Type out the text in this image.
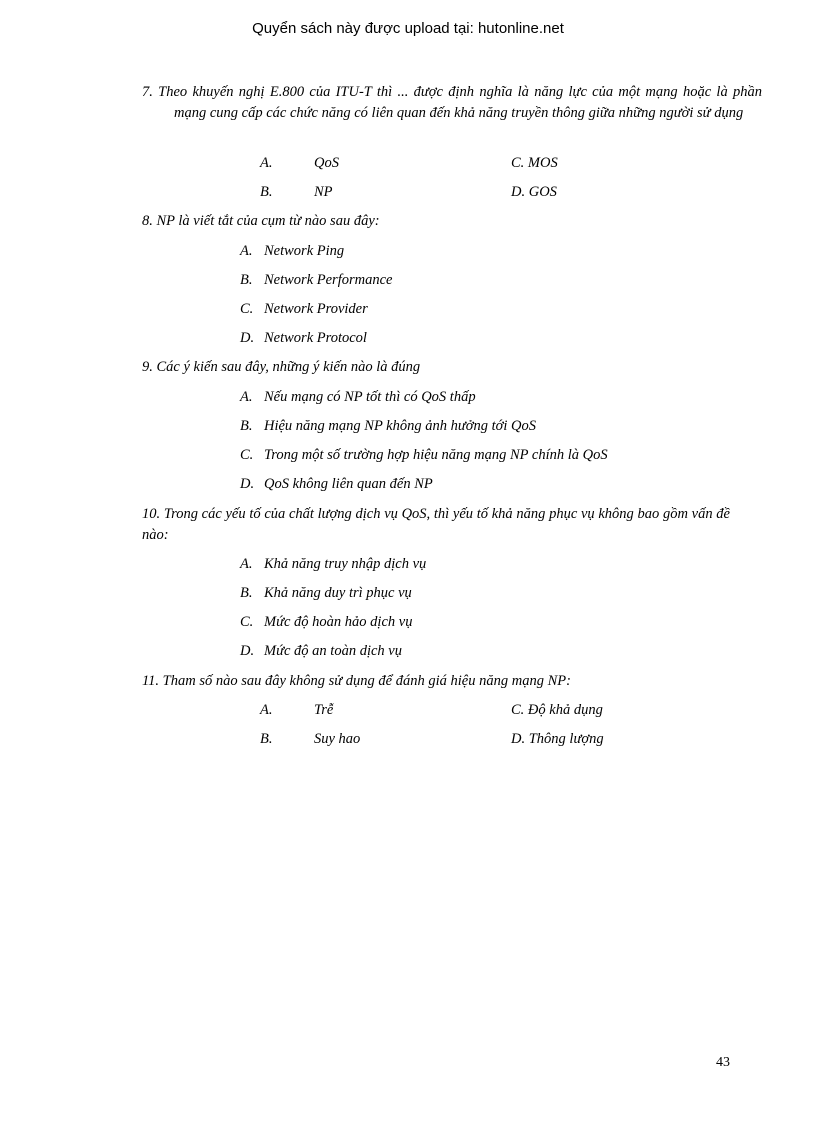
Quyển sách này được upload tại: hutonline.net

7. Theo khuyến nghị E.800 của ITU-T thì ... được định nghĩa là năng lực của một mạng hoặc là phần mạng cung cấp các chức năng có liên quan đến khả năng truyền thông giữa những người sử dụng

A.	QoS	C. MOS
B.	NP	D. GOS

8. NP là viết tắt của cụm từ nào sau đây:

A. Network Ping
B. Network Performance
C. Network Provider
D. Network Protocol

9. Các ý kiến sau đây, những ý kiến nào là đúng

A. Nếu mạng có NP tốt thì có QoS thấp
B. Hiệu năng mạng NP không ảnh hưởng tới QoS
C. Trong một số trường hợp hiệu năng mạng NP chính là QoS
D. QoS không liên quan đến NP

10. Trong các yếu tố của chất lượng dịch vụ QoS, thì yếu tố khả năng phục vụ không bao gồm vấn đề nào:

A. Khả năng truy nhập dịch vụ
B. Khả năng duy trì phục vụ
C. Mức độ hoàn hảo dịch vụ
D. Mức độ an toàn dịch vụ

11. Tham số nào sau đây không sử dụng để đánh giá hiệu năng mạng NP:

A.	Trễ	C. Độ khả dụng
B.	Suy hao	D. Thông lượng
43
